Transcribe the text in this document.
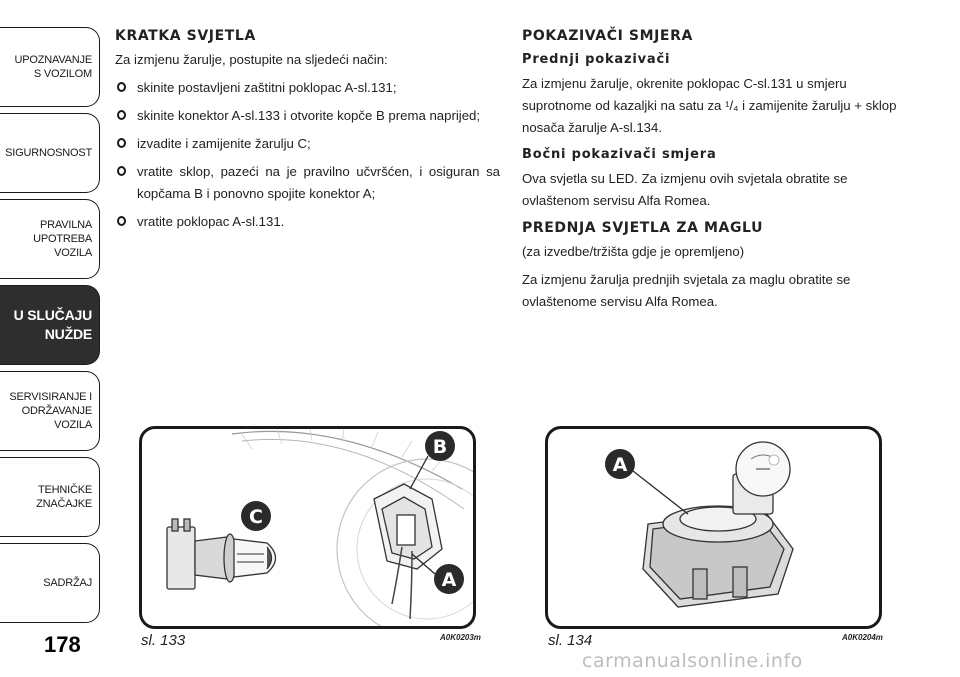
UPOZNAVANJE
S VOZILOM
SIGURNOSNOST
PRAVILNA
UPOTREBA
VOZILA
U SLUČAJU
NUŽDE
SERVISIRANJE I
ODRŽAVANJE
VOZILA
TEHNIČKE
ZNAČAJKE
SADRŽAJ
178
KRATKA SVJETLA

Za izmjenu žarulje, postupite na sljedeći način:

skinite postavljeni zaštitni poklopac A-sl.131;
skinite konektor A-sl.133 i otvorite kopče B prema naprijed;
izvadite i zamijenite žarulju C;
vratite sklop, pazeći na je pravilno učvršćen, i osiguran sa kopčama B i ponovno spojite konektor A;
vratite poklopac A-sl.131.
POKAZIVAČI SMJERA
Prednji pokazivači

Za izmjenu žarulje, okrenite poklopac C-sl.131 u smjeru suprotnome od kazaljki na satu za ¹/₄ i zamijenite žarulju + sklop nosača žarulje A-sl.134.

Bočni pokazivači smjera

Ova svjetla su LED. Za izmjenu ovih svjetala obratite se ovlaštenom servisu Alfa Romea.

PREDNJA SVJETLA ZA MAGLU

(za izvedbe/tržišta gdje je opremljeno)

Za izmjenu žarulja prednjih svjetala za maglu obratite se ovlaštenome servisu Alfa Romea.

B
C
A
sl. 133	A0K0203m
A
sl. 134	A0K0204m
carmanualsonline.info
